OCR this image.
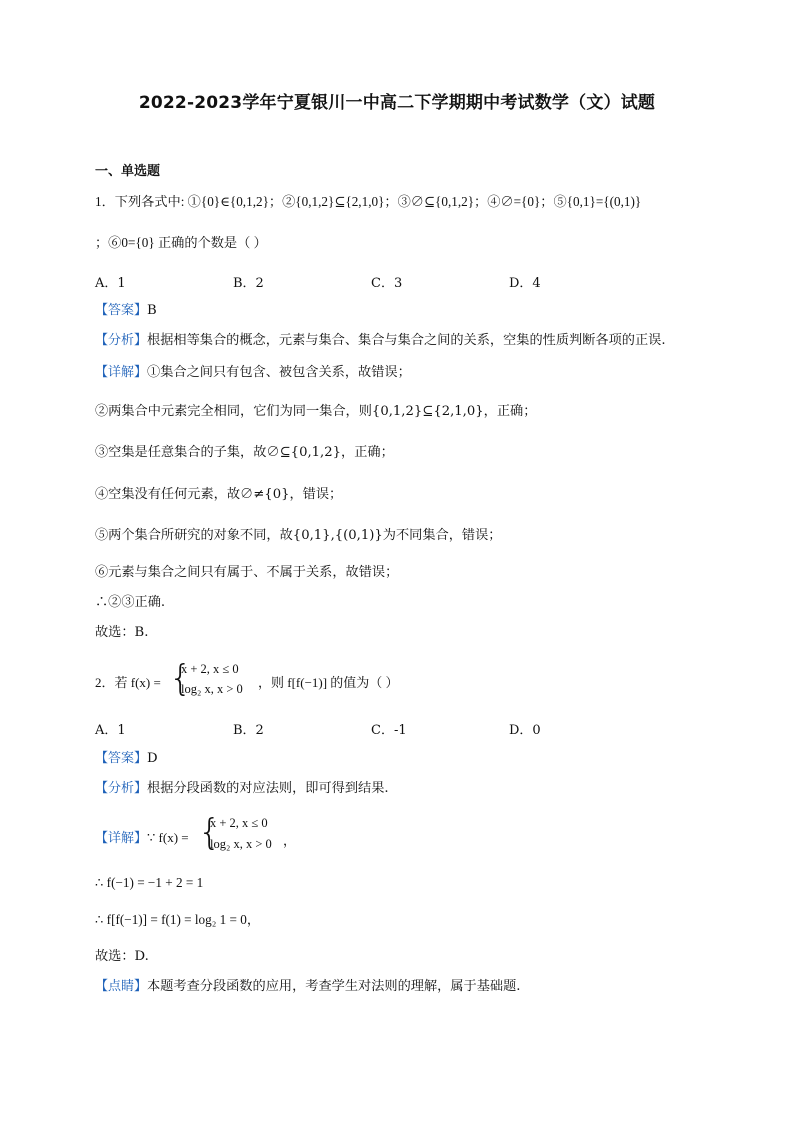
2022-2023学年宁夏银川一中高二下学期期中考试数学（文）试题
一、单选题
1．下列各式中: ①{0}∈{0,1,2}；②{0,1,2}⊆{2,1,0}；③∅⊆{0,1,2}；④∅={0}；⑤{0,1}={(0,1)}
；⑥0={0} 正确的个数是（ ）
A．1	B．2	C．3	D．4
【答案】B
【分析】根据相等集合的概念，元素与集合、集合与集合之间的关系，空集的性质判断各项的正误.
【详解】①集合之间只有包含、被包含关系，故错误；
②两集合中元素完全相同，它们为同一集合，则{0,1,2}⊆{2,1,0}，正确；
③空集是任意集合的子集，故∅⊆{0,1,2}，正确；
④空集没有任何元素，故∅≠{0}，错误；
⑤两个集合所研究的对象不同，故{0,1},{(0,1)}为不同集合，错误；
⑥元素与集合之间只有属于、不属于关系，故错误；
∴②③正确.
故选：B.
2．若 f(x) = {
x + 2, x ≤ 0
log₂ x, x > 0 ，则 f[f(−1)] 的值为（ ）
A．1	B．2	C．-1	D．0
【答案】D
【分析】根据分段函数的对应法则，即可得到结果.
【详解】∵ f(x) = {
x + 2, x ≤ 0
log₂ x, x > 0 ，
∴ f(−1) = −1 + 2 = 1
∴ f[f(−1)] = f(1) = log₂ 1 = 0，
故选：D.
【点睛】本题考查分段函数的应用，考查学生对法则的理解，属于基础题.
